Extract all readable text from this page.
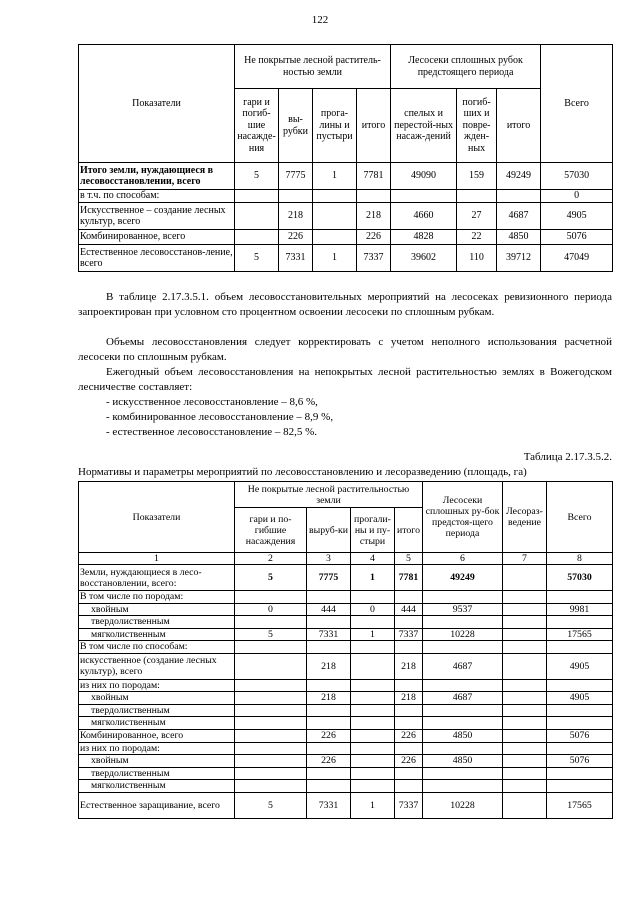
122
Показатели	Не покрытые лесной раститель-ностью земли				Лесосеки сплошных рубок предстоящего периода			Всего
	гари и погиб-шие насажде-ния	вы-рубки	прога-лины и пустыри	итого	спелых и перестой-ных насаж-дений	погиб-ших и повре-жден-ных	итого	
Итого земли, нуждающиеся в лесовосстановлении, всего	5	7775	1	7781	49090	159	49249	57030
в т.ч. по способам:								0
Искусственное – создание лесных культур, всего		218		218	4660	27	4687	4905
Комбинированное, всего		226		226	4828	22	4850	5076
Естественное лесовосстанов-ление, всего	5	7331	1	7337	39602	110	39712	47049
В таблице 2.17.3.5.1. объем лесовосстановительных мероприятий на лесосеках ревизионного периода запроектирован при условном сто процентном освоении лесосеки по сплошным рубкам.
Объемы лесовосстановления следует корректировать с учетом неполного использования расчетной лесосеки по сплошным рубкам.
Ежегодный объем лесовосстановления на непокрытых лесной растительностью землях в Вожегодском лесничестве составляет:
- искусственное лесовосстановление – 8,6 %,
- комбинированное лесовосстановление – 8,9 %,
- естественное лесовосстановление – 82,5 %.
Таблица 2.17.3.5.2.
Нормативы и параметры мероприятий по лесовосстановлению и лесоразведению (площадь, га)
Показатели	Не покрытые лесной растительностью земли				Лесосеки сплошных ру-бок предстоя-щего периода	Лесораз-ведение	Всего
	гари и по-гибшие насаждения	выруб-ки	прогали-ны и пу-стыри	итого			
1	2	3	4	5	6	7	8
Земли, нуждающиеся в лесо-восстановлении, всего:	5	7775	1	7781	49249		57030
В том числе по породам:							
хвойным	0	444	0	444	9537		9981
твердолиственным							
мягколиственным	5	7331	1	7337	10228		17565
В том числе по способам:							
искусственное (создание лесных культур), всего		218		218	4687		4905
из них по породам:							
хвойным		218		218	4687		4905
твердолиственным							
мягколиственным							
Комбинированное, всего		226		226	4850		5076
из них по породам:							
хвойным		226		226	4850		5076
твердолиственным							
мягколиственным							
Естественное заращивание, всего	5	7331	1	7337	10228		17565
